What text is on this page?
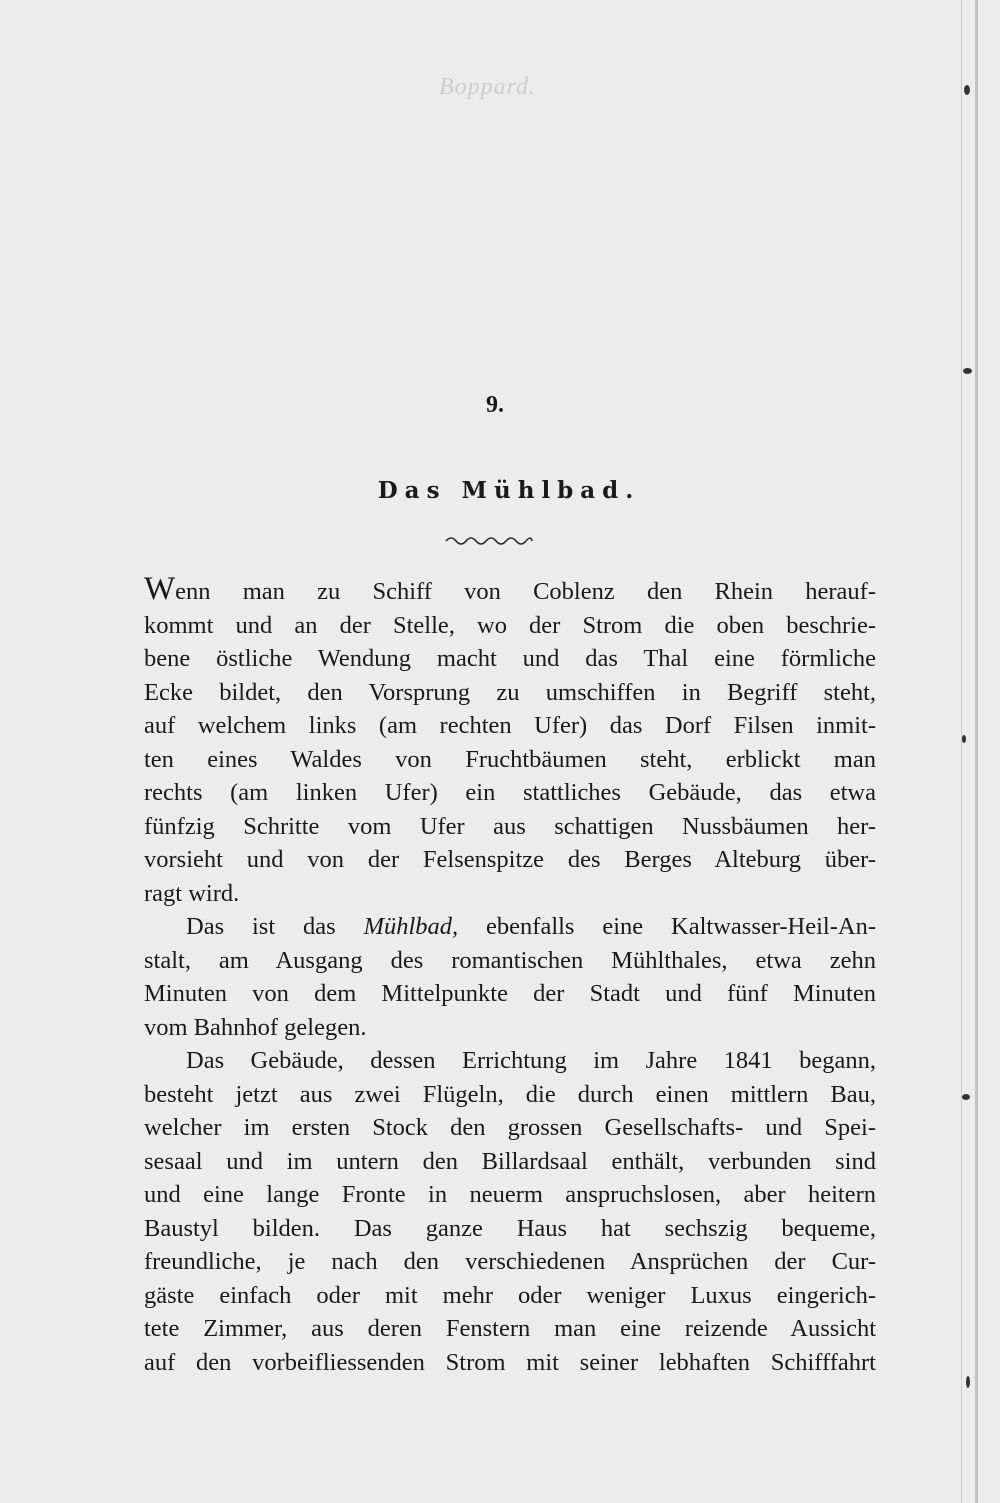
Boppard.
9.
Das Mühlbad.
Wenn man zu Schiff von Coblenz den Rhein herauf-
kommt und an der Stelle, wo der Strom die oben beschrie-
bene östliche Wendung macht und das Thal eine förmliche
Ecke bildet, den Vorsprung zu umschiffen in Begriff steht,
auf welchem links (am rechten Ufer) das Dorf Filsen inmit-
ten eines Waldes von Fruchtbäumen steht, erblickt man
rechts (am linken Ufer) ein stattliches Gebäude, das etwa
fünfzig Schritte vom Ufer aus schattigen Nussbäumen her-
vorsieht und von der Felsenspitze des Berges Alteburg über-
ragt wird.
Das ist das Mühlbad, ebenfalls eine Kaltwasser-Heil-An-
stalt, am Ausgang des romantischen Mühlthales, etwa zehn
Minuten von dem Mittelpunkte der Stadt und fünf Minuten
vom Bahnhof gelegen.
Das Gebäude, dessen Errichtung im Jahre 1841 begann,
besteht jetzt aus zwei Flügeln, die durch einen mittlern Bau,
welcher im ersten Stock den grossen Gesellschafts- und Spei-
sesaal und im untern den Billardsaal enthält, verbunden sind
und eine lange Fronte in neuerm anspruchslosen, aber heitern
Baustyl bilden. Das ganze Haus hat sechszig bequeme,
freundliche, je nach den verschiedenen Ansprüchen der Cur-
gäste einfach oder mit mehr oder weniger Luxus eingerich-
tete Zimmer, aus deren Fenstern man eine reizende Aussicht
auf den vorbeifliessenden Strom mit seiner lebhaften Schifffahrt
